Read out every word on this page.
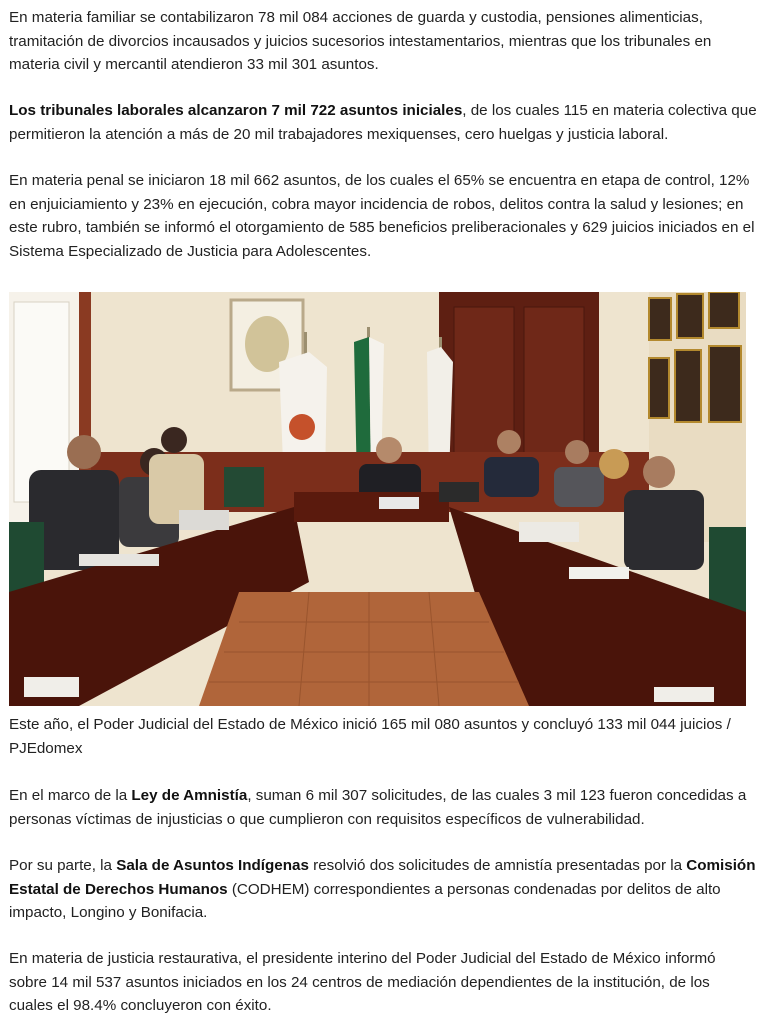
En materia familiar se contabilizaron 78 mil 084 acciones de guarda y custodia, pensiones alimenticias, tramitación de divorcios incausados y juicios sucesorios intestamentarios, mientras que los tribunales en materia civil y mercantil atendieron 33 mil 301 asuntos.

Los tribunales laborales alcanzaron 7 mil 722 asuntos iniciales, de los cuales 115 en materia colectiva que permitieron la atención a más de 20 mil trabajadores mexiquenses, cero huelgas y justicia laboral.

En materia penal se iniciaron 18 mil 662 asuntos, de los cuales el 65% se encuentra en etapa de control, 12% en enjuiciamiento y 23% en ejecución, cobra mayor incidencia de robos, delitos contra la salud y lesiones; en este rubro, también se informó el otorgamiento de 585 beneficios preliberacionales y 629 juicios iniciados en el Sistema Especializado de Justicia para Adolescentes.

Este año, el Poder Judicial del Estado de México inició 165 mil 080 asuntos y concluyó 133 mil 044 juicios / PJEdomex

En el marco de la Ley de Amnistía, suman 6 mil 307 solicitudes, de las cuales 3 mil 123 fueron concedidas a personas víctimas de injusticias o que cumplieron con requisitos específicos de vulnerabilidad.

Por su parte, la Sala de Asuntos Indígenas resolvió dos solicitudes de amnistía presentadas por la Comisión Estatal de Derechos Humanos (CODHEM) correspondientes a personas condenadas por delitos de alto impacto, Longino y Bonifacia.

En materia de justicia restaurativa, el presidente interino del Poder Judicial del Estado de México informó sobre 14 mil 537 asuntos iniciados en los 24 centros de mediación dependientes de la institución, de los cuales el 98.4% concluyeron con éxito.
